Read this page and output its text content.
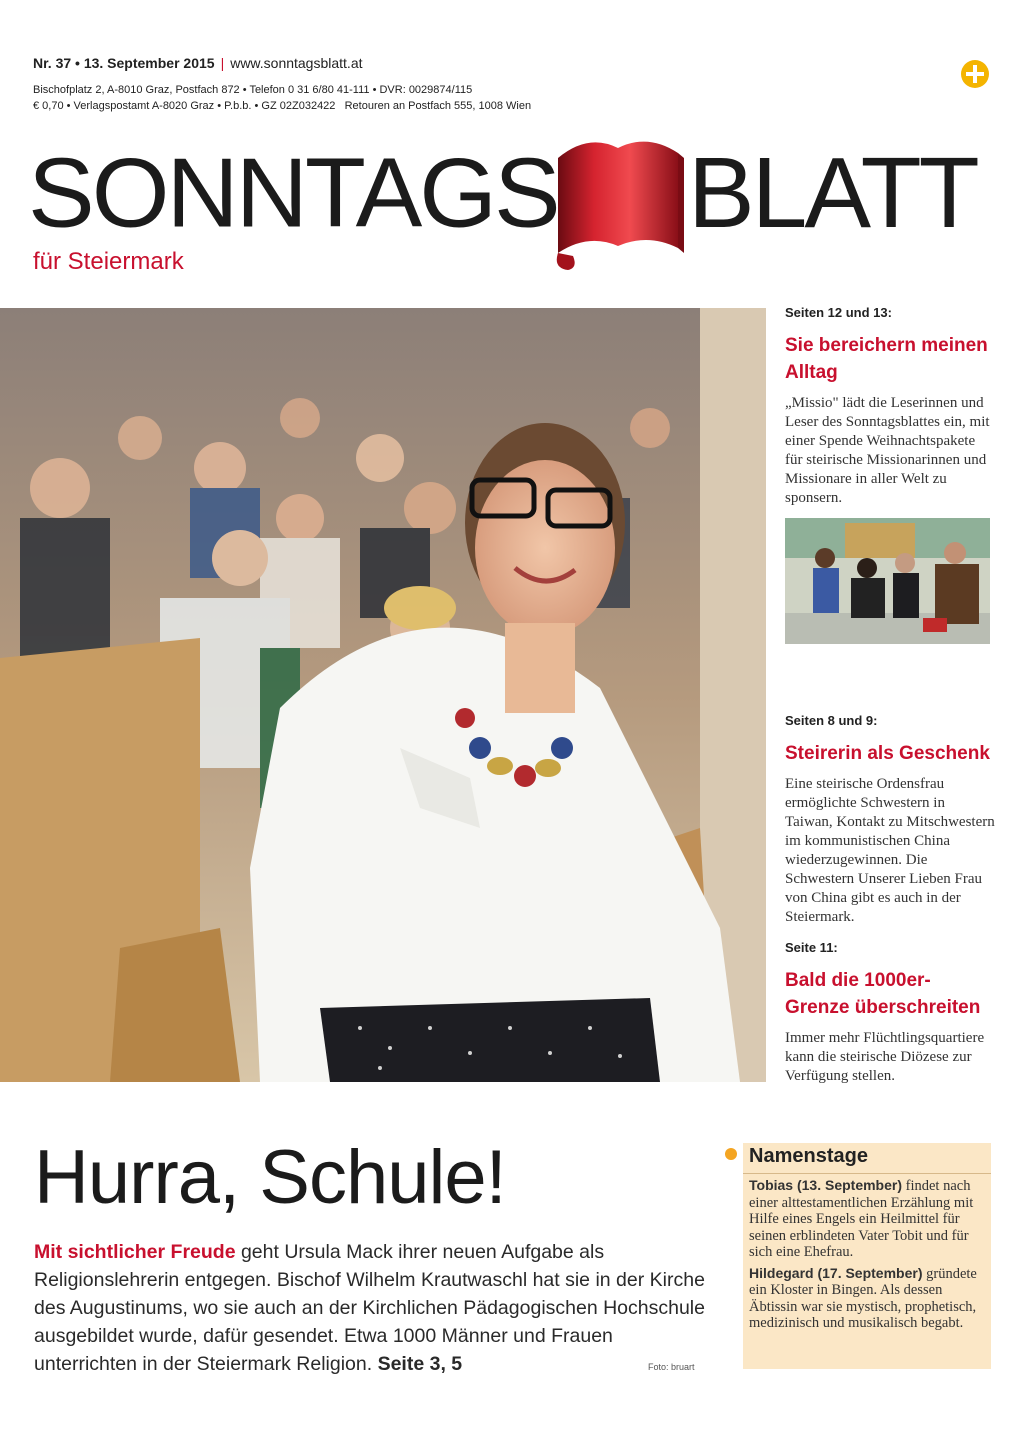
Nr. 37 • 13. September 2015 | www.sonntagsblatt.at
Bischofplatz 2, A-8010 Graz, Postfach 872 • Telefon 0 31 6/80 41-111 • DVR: 0029874/115
€ 0,70 • Verlagspostamt A-8020 Graz • P.b.b. • GZ 02Z032422   Retouren an Postfach 555, 1008 Wien
SONNTAGS BLATT
für Steiermark
Seiten 12 und 13:
Sie bereichern meinen Alltag
„Missio" lädt die Leserinnen und Leser des Sonntagsblattes ein, mit einer Spende Weihnachtspakete für steirische Missionarinnen und Missionare in aller Welt zu sponsern.
Seiten 8 und 9:
Steirerin als Geschenk
Eine steirische Ordensfrau ermöglichte Schwestern in Taiwan, Kontakt zu Mitschwestern im kommunistischen China wiederzugewinnen. Die Schwestern Unserer Lieben Frau von China gibt es auch in der Steiermark.
Seite 11:
Bald die 1000er-Grenze überschreiten
Immer mehr Flüchtlingsquartiere kann die steirische Diözese zur Verfügung stellen.
Hurra, Schule!
Mit sichtlicher Freude geht Ursula Mack ihrer neuen Aufgabe als Religionslehrerin entgegen. Bischof Wilhelm Krautwaschl hat sie in der Kirche des Augustinums, wo sie auch an der Kirchlichen Pädagogischen Hochschule ausgebildet wurde, dafür gesendet. Etwa 1000 Männer und Frauen unterrichten in der Steiermark Religion. Seite 3, 5	Foto: bruart
Namenstage

Tobias (13. September) findet nach einer alttestamentlichen Erzählung mit Hilfe eines Engels ein Heilmittel für seinen erblindeten Vater Tobit und für sich eine Ehefrau.

Hildegard (17. September) gründete ein Kloster in Bingen. Als dessen Äbtissin war sie mystisch, prophetisch, medizinisch und musikalisch begabt.
